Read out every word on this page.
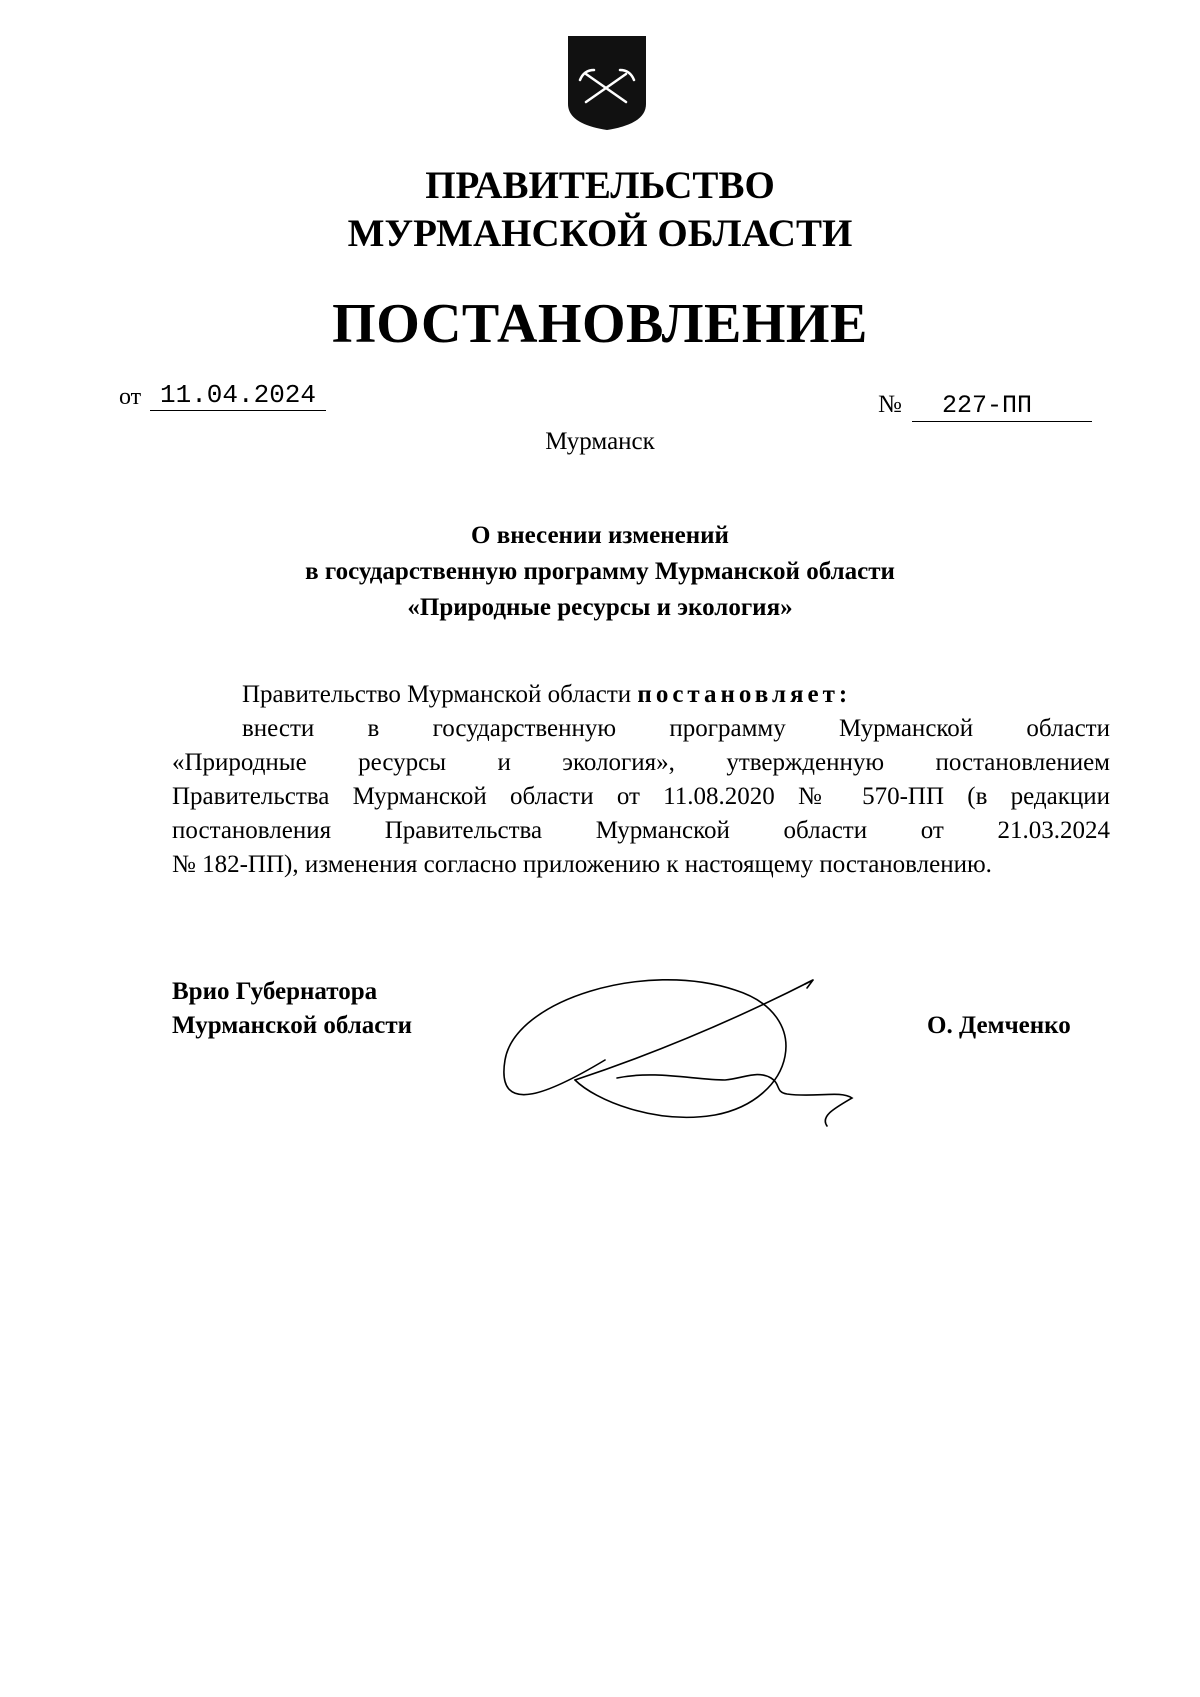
ПРАВИТЕЛЬСТВО
МУРМАНСКОЙ ОБЛАСТИ
ПОСТАНОВЛЕНИЕ
от 11.04.2024	№	227-ПП
Мурманск
О внесении изменений
в государственную программу Мурманской области
«Природные ресурсы и экология»
Правительство Мурманской области постановляет:
внести в государственную программу Мурманской области
«Природные ресурсы и экология», утвержденную постановлением
Правительства Мурманской области от 11.08.2020 № 570-ПП (в редакции
постановления Правительства Мурманской области от 21.03.2024
№ 182-ПП), изменения согласно приложению к настоящему постановлению.
Врио Губернатора
Мурманской области	О. Демченко
